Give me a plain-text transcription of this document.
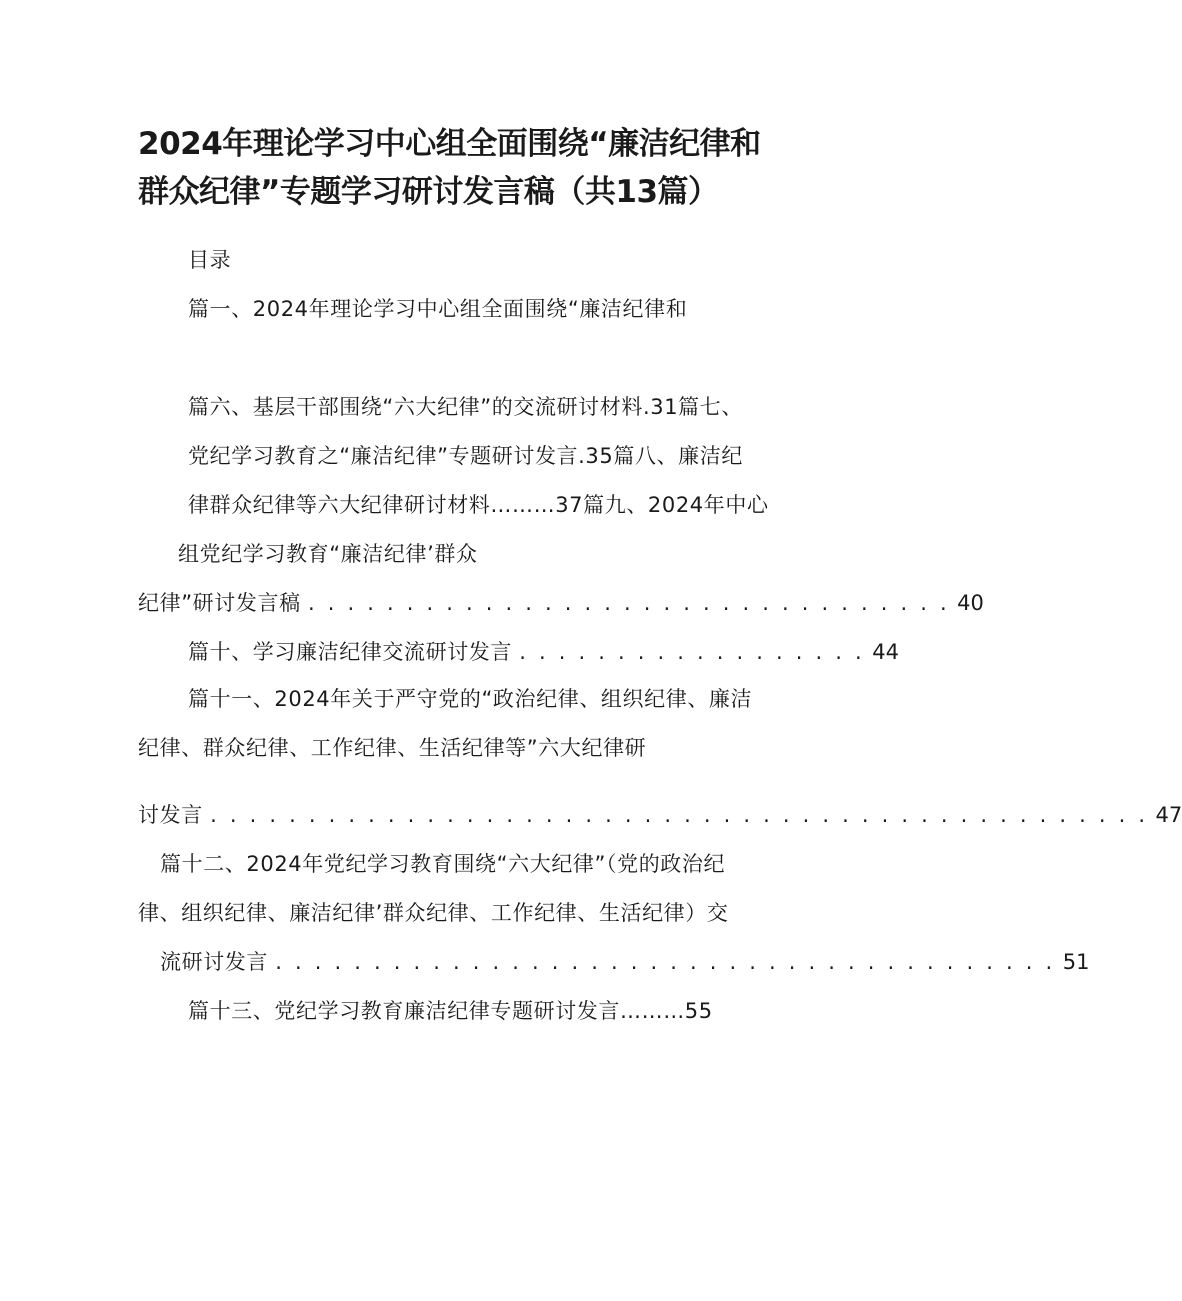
2024年理论学习中心组全面围绕“廉洁纪律和
群众纪律”专题学习研讨发言稿（共13篇）
目录
篇一、2024年理论学习中心组全面围绕“廉洁纪律和
篇六、基层干部围绕“六大纪律”的交流研讨材料.31篇七、
党纪学习教育之“廉洁纪律”专题研讨发言.35篇八、廉洁纪
律群众纪律等六大纪律研讨材料………37篇九、2024年中心
组党纪学习教育“廉洁纪律’群众
纪律”研讨发言稿 . . . . . . . . . . . . . . . . . . . . . . . . . . . . . . . . . 40
篇十、学习廉洁纪律交流研讨发言 . . . . . . . . . . . . . . . . . . 44
篇十一、2024年关于严守党的“政治纪律、组织纪律、廉洁
纪律、群众纪律、工作纪律、生活纪律等”六大纪律研
讨发言 . . . . . . . . . . . . . . . . . . . . . . . . . . . . . . . . . . . . . . . . . . . . . . . . 47
篇十二、2024年党纪学习教育围绕“六大纪律”（党的政治纪
律、组织纪律、廉洁纪律’群众纪律、工作纪律、生活纪律）交
流研讨发言 . . . . . . . . . . . . . . . . . . . . . . . . . . . . . . . . . . . . . . . . 51
篇十三、党纪学习教育廉洁纪律专题研讨发言………55
